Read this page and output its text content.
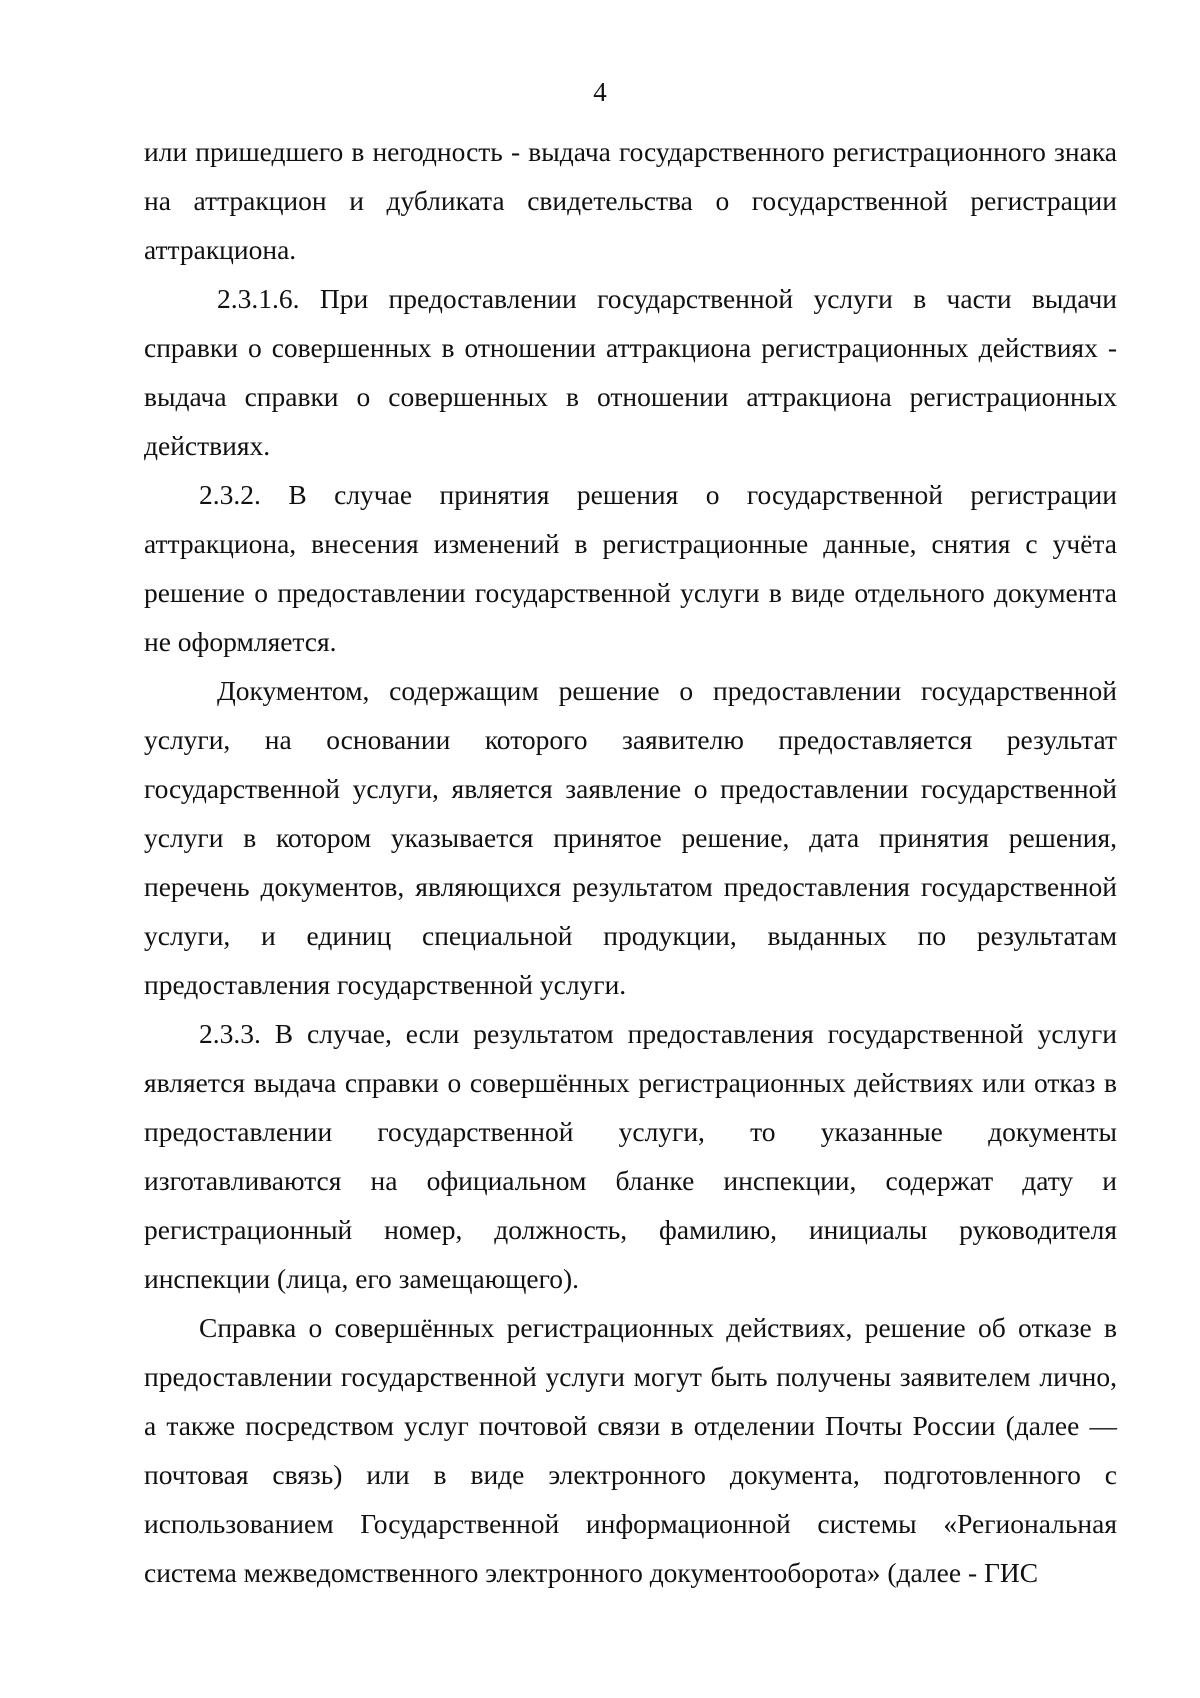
4

или пришедшего в негодность - выдача государственного регистрационного знака на аттракцион и дубликата свидетельства о государственной регистрации аттракциона.

2.3.1.6. При предоставлении государственной услуги в части выдачи справки о совершенных в отношении аттракциона регистрационных действиях - выдача справки о совершенных в отношении аттракциона регистрационных действиях.

2.3.2. В случае принятия решения о государственной регистрации аттракциона, внесения изменений в регистрационные данные, снятия с учёта решение о предоставлении государственной услуги в виде отдельного документа не оформляется.

Документом, содержащим решение о предоставлении государственной услуги, на основании которого заявителю предоставляется результат государственной услуги, является заявление о предоставлении государственной услуги в котором указывается принятое решение, дата принятия решения, перечень документов, являющихся результатом предоставления государственной услуги, и единиц специальной продукции, выданных по результатам предоставления государственной услуги.

2.3.3. В случае, если результатом предоставления государственной услуги является выдача справки о совершённых регистрационных действиях или отказ в предоставлении государственной услуги, то указанные документы изготавливаются на официальном бланке инспекции, содержат дату и регистрационный номер, должность, фамилию, инициалы руководителя инспекции (лица, его замещающего).

Справка о совершённых регистрационных действиях, решение об отказе в предоставлении государственной услуги могут быть получены заявителем лично, а также посредством услуг почтовой связи в отделении Почты России (далее — почтовая связь) или в виде электронного документа, подготовленного с использованием Государственной информационной системы «Региональная система межведомственного электронного документооборота» (далее - ГИС
